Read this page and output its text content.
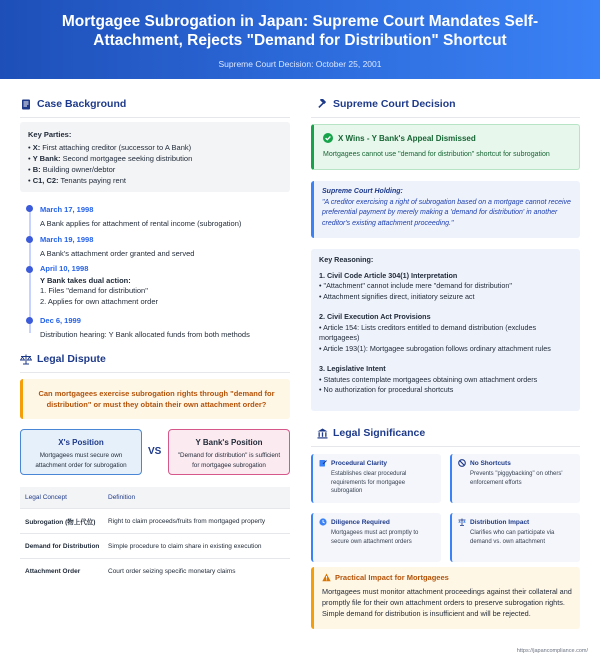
Mortgagee Subrogation in Japan: Supreme Court Mandates Self-Attachment, Rejects "Demand for Distribution" Shortcut
Supreme Court Decision: October 25, 2001
Case Background
Key Parties:
• X: First attaching creditor (successor to A Bank)
• Y Bank: Second mortgagee seeking distribution
• B: Building owner/debtor
• C1, C2: Tenants paying rent
March 17, 1998
A Bank applies for attachment of rental income (subrogation)
March 19, 1998
A Bank's attachment order granted and served
April 10, 1998
Y Bank takes dual action:
1. Files "demand for distribution"
2. Applies for own attachment order
Dec 6, 1999
Distribution hearing: Y Bank allocated funds from both methods
Legal Dispute
Can mortgagees exercise subrogation rights through "demand for distribution" or must they obtain their own attachment order?
X's Position
Mortgagees must secure own attachment order for subrogation
VS
Y Bank's Position
"Demand for distribution" is sufficient for mortgagee subrogation
Legal Concept	Definition
Subrogation (物上代位)	Right to claim proceeds/fruits from mortgaged property
Demand for Distribution	Simple procedure to claim share in existing execution
Attachment Order	Court order seizing specific monetary claims
Supreme Court Decision
X Wins - Y Bank's Appeal Dismissed
Mortgagees cannot use "demand for distribution" shortcut for subrogation
Supreme Court Holding:
"A creditor exercising a right of subrogation based on a mortgage cannot receive preferential payment by merely making a 'demand for distribution' in another creditor's existing attachment proceeding."
Key Reasoning:
1. Civil Code Article 304(1) Interpretation
• "Attachment" cannot include mere "demand for distribution"
• Attachment signifies direct, initiatory seizure act
2. Civil Execution Act Provisions
• Article 154: Lists creditors entitled to demand distribution (excludes mortgagees)
• Article 193(1): Mortgagee subrogation follows ordinary attachment rules
3. Legislative Intent
• Statutes contemplate mortgagees obtaining own attachment orders
• No authorization for procedural shortcuts
Legal Significance
Procedural Clarity
Establishes clear procedural requirements for mortgagee subrogation
No Shortcuts
Prevents "piggybacking" on others' enforcement efforts
Diligence Required
Mortgagees must act promptly to secure own attachment orders
Distribution Impact
Clarifies who can participate via demand vs. own attachment
Practical Impact for Mortgagees
Mortgagees must monitor attachment proceedings against their collateral and promptly file for their own attachment orders to preserve subrogation rights. Simple demand for distribution is insufficient and will be rejected.
https://japancompliance.com/
